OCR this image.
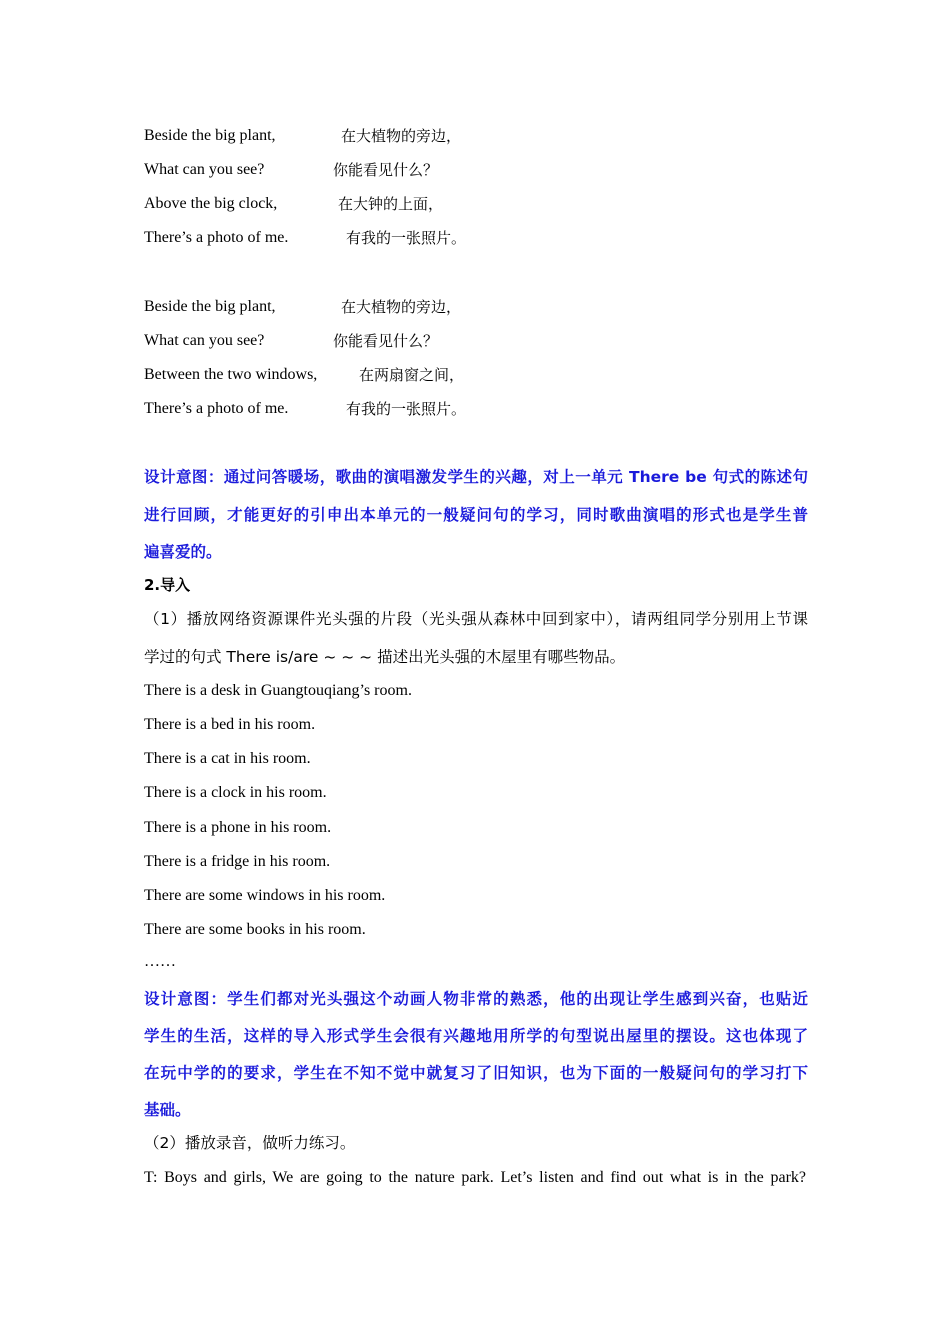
Beside the big plant,	在大植物的旁边，
What can you see?	你能看见什么？
Above the big clock,	在大钟的上面，
There’s a photo of me.	有我的一张照片。
Beside the big plant,	在大植物的旁边，
What can you see?	你能看见什么？
Between the two windows,	在两扇窗之间，
There’s a photo of me.	有我的一张照片。
设计意图：通过问答暖场，歌曲的演唱激发学生的兴趣，对上一单元 There be 句式的陈述句
进行回顾，才能更好的引申出本单元的一般疑问句的学习，同时歌曲演唱的形式也是学生普
遍喜爱的。
2.导入
（1）播放网络资源课件光头强的片段（光头强从森林中回到家中），请两组同学分别用上节课
学过的句式 There is/are ~ ~ ~ 描述出光头强的木屋里有哪些物品。
There is a desk in Guangtouqiang’s room.
There is a bed in his room.
There is a cat in his room.
There is a clock in his room.
There is a phone in his room.
There is a fridge in his room.
There are some windows in his room.
There are some books in his room.
……
设计意图：学生们都对光头强这个动画人物非常的熟悉，他的出现让学生感到兴奋，也贴近
学生的生活，这样的导入形式学生会很有兴趣地用所学的句型说出屋里的摆设。这也体现了
在玩中学的的要求，学生在不知不觉中就复习了旧知识，也为下面的一般疑问句的学习打下
基础。
（2）播放录音，做听力练习。
T: Boys and girls, We are going to the nature park. Let’s listen and find out what is in the park?
